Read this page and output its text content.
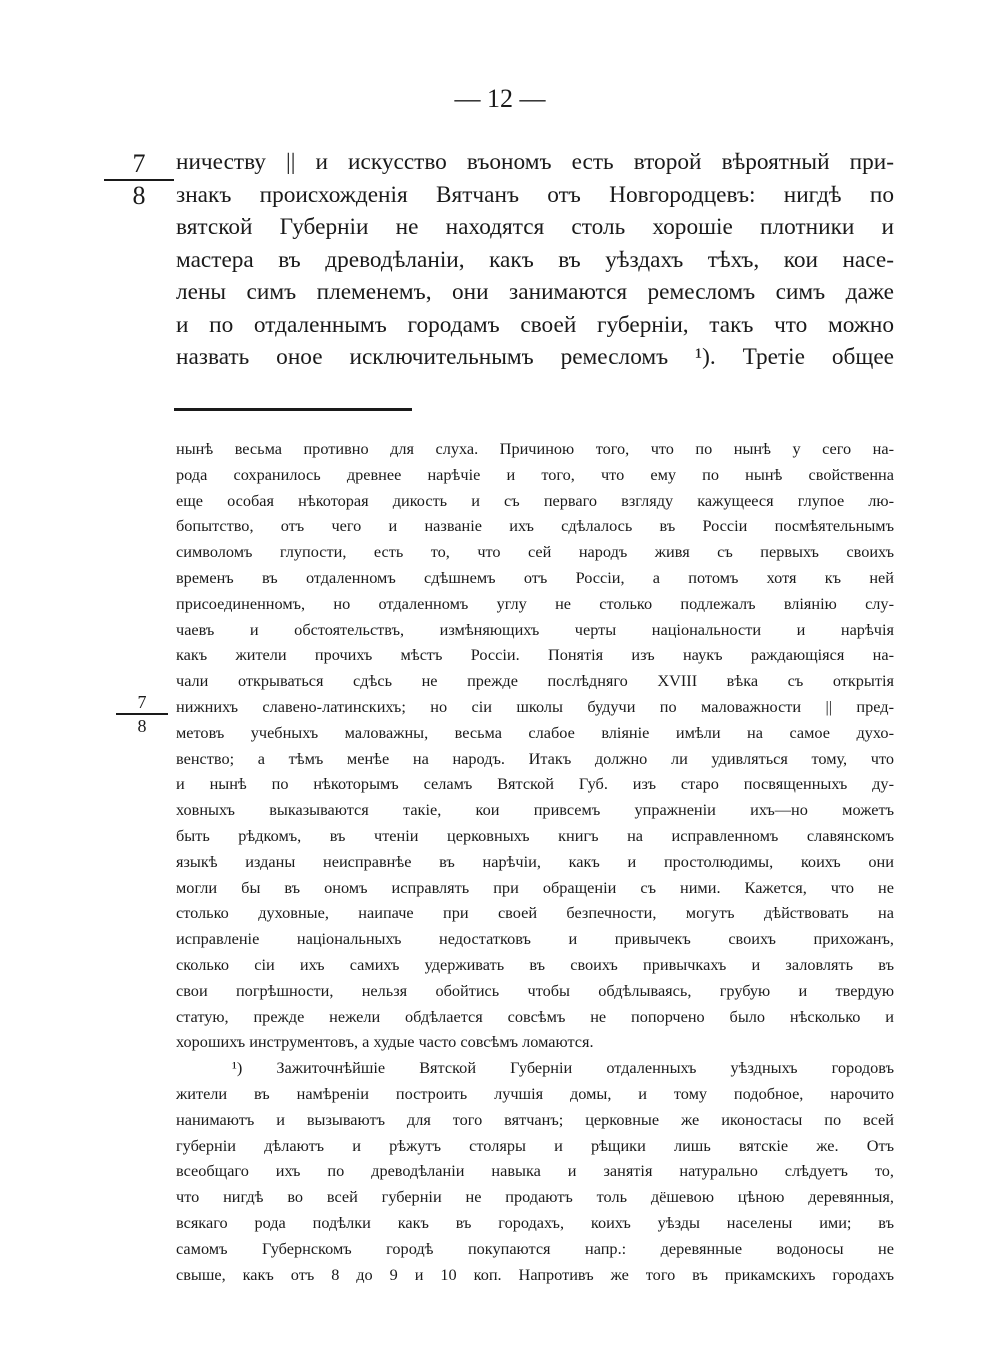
— 12 —
7
8
ничеству || и искусство въономъ есть второй вѣроятный при-
знакъ происхожденія Вятчанъ отъ Новгородцевъ: нигдѣ по
вятской Губерніи не находятся столь хорошіе плотники и
мастера въ древодѣланіи, какъ въ уѣздахъ тѣхъ, кои насе-
лены симъ племенемъ, они занимаются ремесломъ симъ даже
и по отдаленнымъ городамъ своей губерніи, такъ что можно
назвать оное исключительнымъ ремесломъ ¹). Третіе общее
7
8
нынѣ весьма противно для слуха. Причиною того, что по нынѣ у сего на-
рода сохранилось древнее нарѣчіе и того, что ему по нынѣ свойственна
еще особая нѣкоторая дикость и съ перваго взгляду кажущееся глупое лю-
бопытство, отъ чего и названіе ихъ сдѣлалось въ Россіи посмѣятельнымъ
символомъ глупости, есть то, что сей народъ живя съ первыхъ своихъ
временъ въ отдаленномъ сдѣшнемъ отъ Россіи, а потомъ хотя къ ней
присоединенномъ, но отдаленномъ углу не столько подлежалъ вліянію слу-
чаевъ и обстоятельствъ, измѣняющихъ черты національности и нарѣчія
какъ жители прочихъ мѣстъ Россіи. Понятія изъ наукъ раждающіяся на-
чали открываться сдѣсь не прежде послѣдняго XVIII вѣка съ открытія
нижнихъ славено-латинскихъ; но сіи школы будучи по маловажности || пред-
метовъ учебныхъ маловажны, весьма слабое вліяніе имѣли на самое духо-
венство; а тѣмъ менѣе на народъ. Итакъ должно ли удивляться тому, что
и нынѣ по нѣкоторымъ селамъ Вятской Губ. изъ старо посвященныхъ ду-
ховныхъ выказываются такіе, кои привсемъ упражненіи ихъ—но можетъ
быть рѣдкомъ, въ чтеніи церковныхъ книгъ на исправленномъ славянскомъ
языкѣ изданы неисправнѣе въ нарѣчіи, какъ и простолюдимы, коихъ они
могли бы въ ономъ исправлять при обращеніи съ ними. Кажется, что не
столько духовные, наипаче при своей безпечности, могутъ дѣйствовать на
исправленіе національныхъ недостатковъ и привычекъ своихъ прихожанъ,
сколько сіи ихъ самихъ удерживать въ своихъ привычкахъ и заловлять въ
свои погрѣшности, нельзя обойтись чтобы обдѣлываясь, грубую и твердую
статую, прежде нежели обдѣлается совсѣмъ не попорчено было нѣсколько и
хорошихъ инструментовъ, а худые часто совсѣмъ ломаются.
¹) Зажиточнѣйшіе Вятской Губерніи отдаленныхъ уѣздныхъ городовъ
жители въ намѣреніи построить лучшія домы, и тому подобное, нарочито
нанимаютъ и вызываютъ для того вятчанъ; церковные же иконостасы по всей
губерніи дѣлаютъ и рѣжутъ столяры и рѣщики лишь вятскіе же. Отъ
всеобщаго ихъ по древодѣланіи навыка и занятія натурально слѣдуетъ то,
что нигдѣ во всей губерніи не продаютъ толь дёшевою цѣною деревянныя,
всякаго рода подѣлки какъ въ городахъ, коихъ уѣзды населены ими; въ
самомъ Губернскомъ городѣ покупаются напр.: деревянные водоносы не
свыше, какъ отъ 8 до 9 и 10 коп. Напротивъ же того въ прикамскихъ городахъ
